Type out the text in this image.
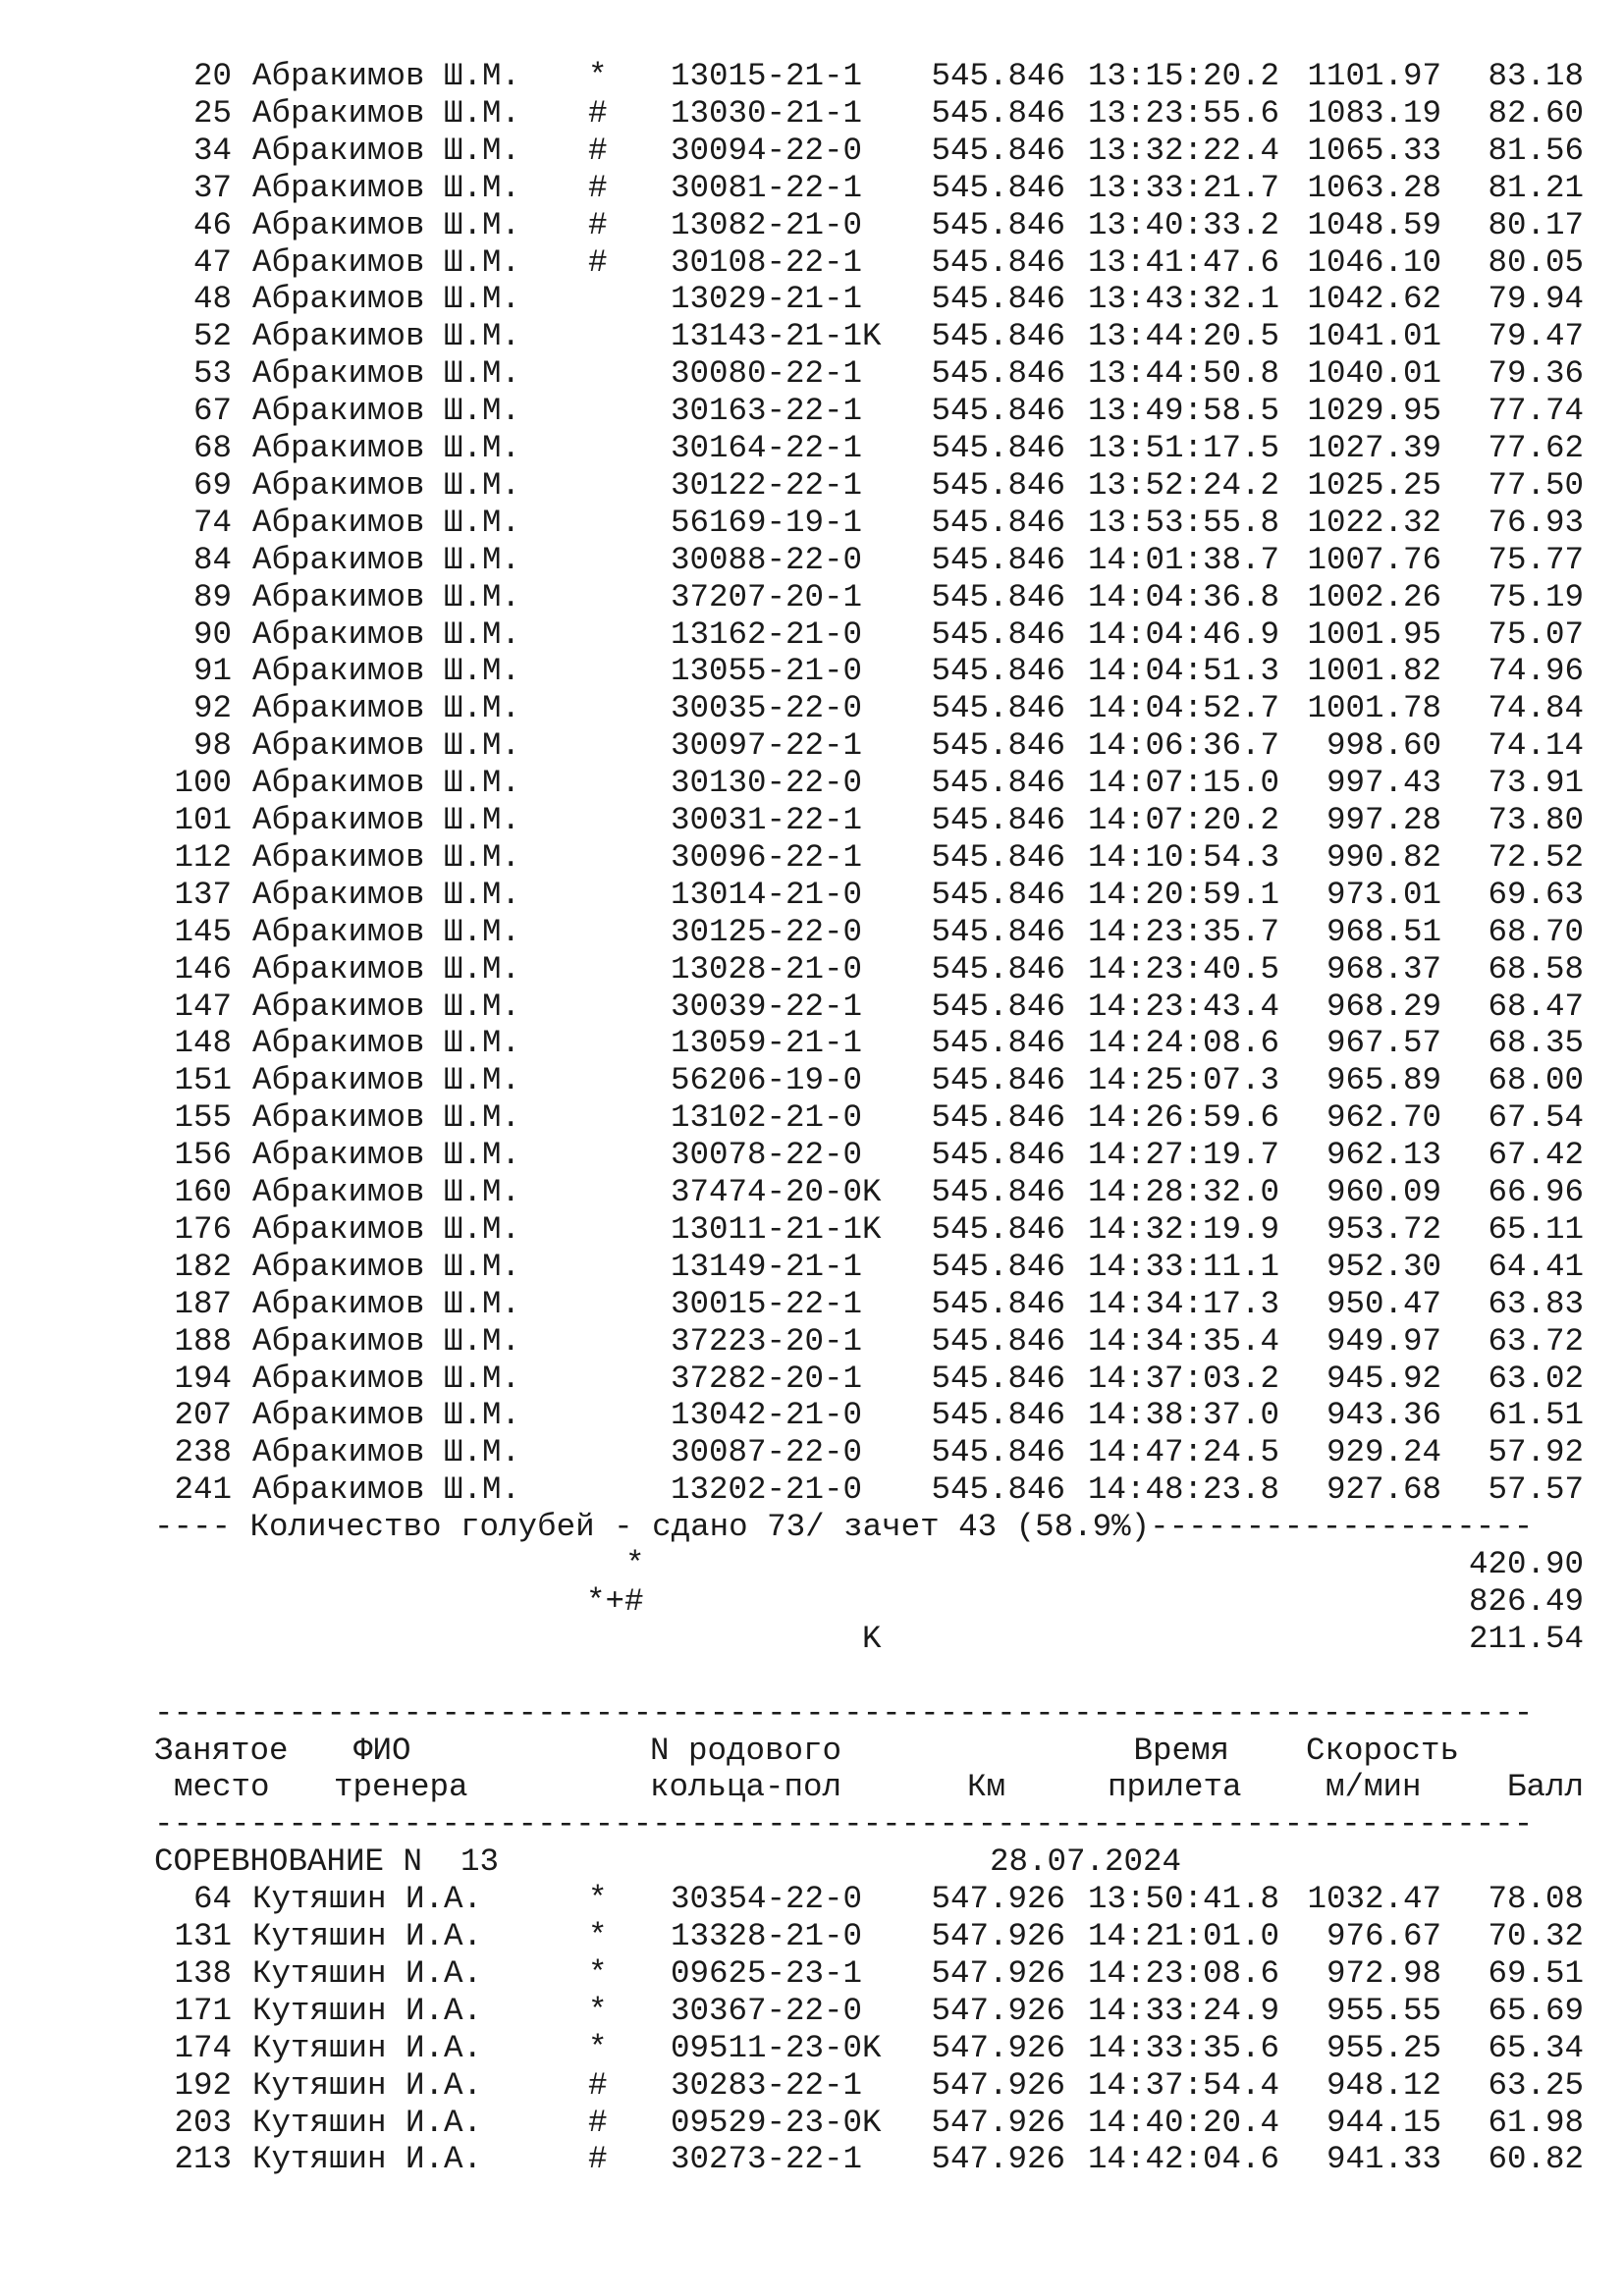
20 Абракимов Ш.М. * 13015-21-1 545.846 13:15:20.2 1101.97 83.18
25 Абракимов Ш.М. # 13030-21-1 545.846 13:23:55.6 1083.19 82.60
34 Абракимов Ш.М. # 30094-22-0 545.846 13:32:22.4 1065.33 81.56
37 Абракимов Ш.М. # 30081-22-1 545.846 13:33:21.7 1063.28 81.21
46 Абракимов Ш.М. # 13082-21-0 545.846 13:40:33.2 1048.59 80.17
47 Абракимов Ш.М. # 30108-22-1 545.846 13:41:47.6 1046.10 80.05
48 Абракимов Ш.М.	13029-21-1 545.846 13:43:32.1 1042.62 79.94
52 Абракимов Ш.М.	13143-21-1K 545.846 13:44:20.5 1041.01 79.47
53 Абракимов Ш.М.	30080-22-1 545.846 13:44:50.8 1040.01 79.36
67 Абракимов Ш.М.	30163-22-1 545.846 13:49:58.5 1029.95 77.74
68 Абракимов Ш.М.	30164-22-1 545.846 13:51:17.5 1027.39 77.62
69 Абракимов Ш.М.	30122-22-1 545.846 13:52:24.2 1025.25 77.50
74 Абракимов Ш.М.	56169-19-1 545.846 13:53:55.8 1022.32 76.93
84 Абракимов Ш.М.	30088-22-0 545.846 14:01:38.7 1007.76 75.77
89 Абракимов Ш.М.	37207-20-1 545.846 14:04:36.8 1002.26 75.19
90 Абракимов Ш.М.	13162-21-0 545.846 14:04:46.9 1001.95 75.07
91 Абракимов Ш.М.	13055-21-0 545.846 14:04:51.3 1001.82 74.96
92 Абракимов Ш.М.	30035-22-0 545.846 14:04:52.7 1001.78 74.84
98 Абракимов Ш.М.	30097-22-1 545.846 14:06:36.7 998.60 74.14
100 Абракимов Ш.М.	30130-22-0 545.846 14:07:15.0 997.43 73.91
101 Абракимов Ш.М.	30031-22-1 545.846 14:07:20.2 997.28 73.80
112 Абракимов Ш.М.	30096-22-1 545.846 14:10:54.3 990.82 72.52
137 Абракимов Ш.М.	13014-21-0 545.846 14:20:59.1 973.01 69.63
145 Абракимов Ш.М.	30125-22-0 545.846 14:23:35.7 968.51 68.70
146 Абракимов Ш.М.	13028-21-0 545.846 14:23:40.5 968.37 68.58
147 Абракимов Ш.М.	30039-22-1 545.846 14:23:43.4 968.29 68.47
148 Абракимов Ш.М.	13059-21-1 545.846 14:24:08.6 967.57 68.35
151 Абракимов Ш.М.	56206-19-0 545.846 14:25:07.3 965.89 68.00
155 Абракимов Ш.М.	13102-21-0 545.846 14:26:59.6 962.70 67.54
156 Абракимов Ш.М.	30078-22-0 545.846 14:27:19.7 962.13 67.42
160 Абракимов Ш.М.	37474-20-0K 545.846 14:28:32.0 960.09 66.96
176 Абракимов Ш.М.	13011-21-1K 545.846 14:32:19.9 953.72 65.11
182 Абракимов Ш.М.	13149-21-1 545.846 14:33:11.1 952.30 64.41
187 Абракимов Ш.М.	30015-22-1 545.846 14:34:17.3 950.47 63.83
188 Абракимов Ш.М.	37223-20-1 545.846 14:34:35.4 949.97 63.72
194 Абракимов Ш.М.	37282-20-1 545.846 14:37:03.2 945.92 63.02
207 Абракимов Ш.М.	13042-21-0 545.846 14:38:37.0 943.36 61.51
238 Абракимов Ш.М.	30087-22-0 545.846 14:47:24.5 929.24 57.92
241 Абракимов Ш.М.	13202-21-0 545.846 14:48:23.8 927.68 57.57
---- Количество голубей - сдано 73/ зачет 43 (58.9%)--------------------
*	420.90
*+#	826.49
K	211.54
------------------------------------------------------------------------
Занятое ФИО	N родового	Время Скорость
место тренера	кольца-пол	Км	прилета	м/мин	Балл
------------------------------------------------------------------------
СОРЕВНОВАНИЕ N  13	28.07.2024
64 Кутяшин И.А.	* 30354-22-0 547.926 13:50:41.8 1032.47 78.08
131 Кутяшин И.А.	* 13328-21-0 547.926 14:21:01.0 976.67 70.32
138 Кутяшин И.А.	* 09625-23-1 547.926 14:23:08.6 972.98 69.51
171 Кутяшин И.А.	* 30367-22-0 547.926 14:33:24.9 955.55 65.69
174 Кутяшин И.А.	* 09511-23-0K 547.926 14:33:35.6 955.25 65.34
192 Кутяшин И.А.	# 30283-22-1 547.926 14:37:54.4 948.12 63.25
203 Кутяшин И.А.	# 09529-23-0K 547.926 14:40:20.4 944.15 61.98
213 Кутяшин И.А.	# 30273-22-1 547.926 14:42:04.6 941.33 60.82
